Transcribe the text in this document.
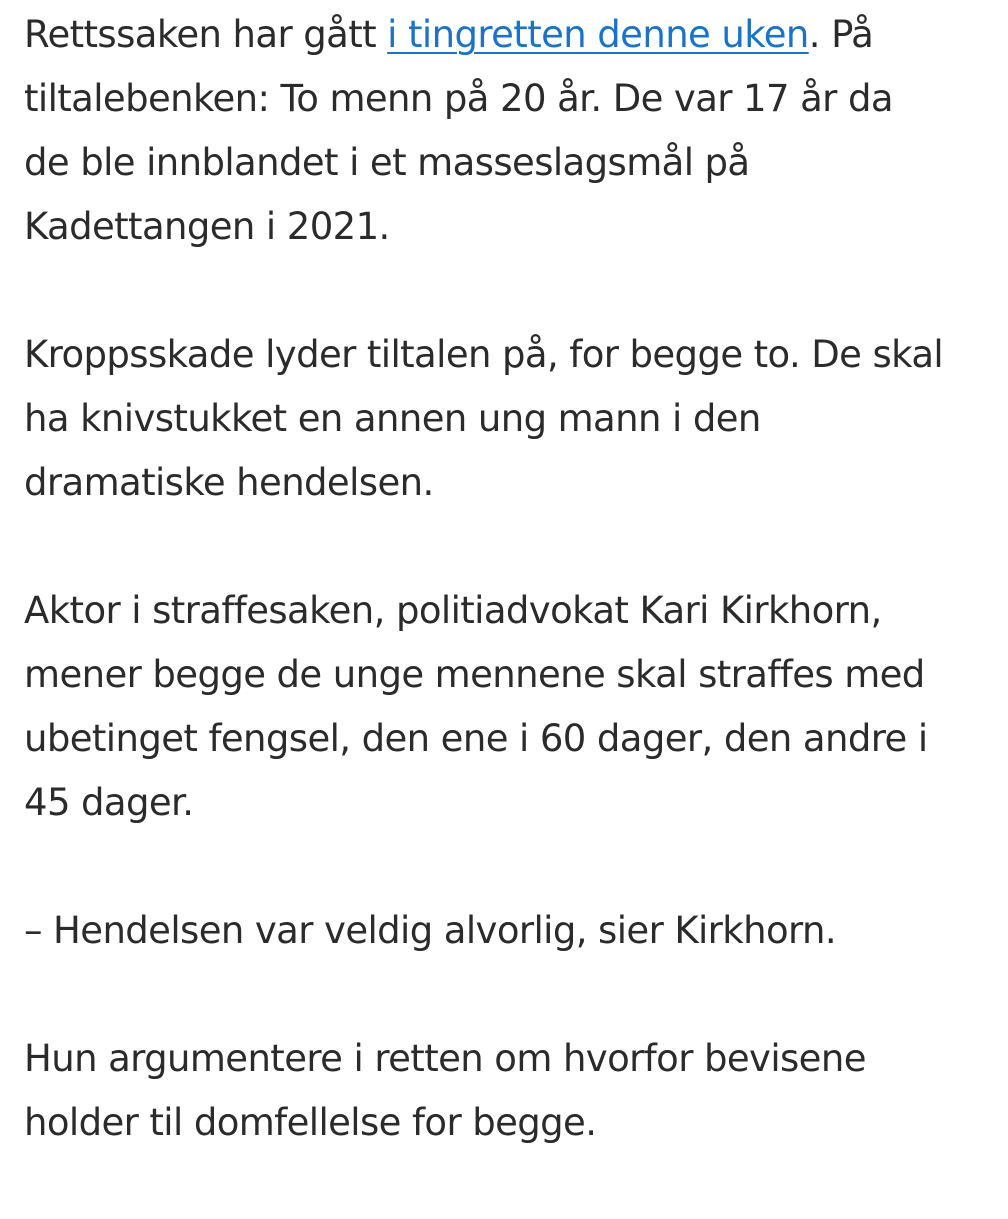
Rettssaken har gått i tingretten denne uken. På
tiltalebenken: To menn på 20 år. De var 17 år da
de ble innblandet i et masseslagsmål på
Kadettangen i 2021.

Kroppsskade lyder tiltalen på, for begge to. De skal
ha knivstukket en annen ung mann i den
dramatiske hendelsen.

Aktor i straffesaken, politiadvokat Kari Kirkhorn,
mener begge de unge mennene skal straffes med
ubetinget fengsel, den ene i 60 dager, den andre i
45 dager.

– Hendelsen var veldig alvorlig, sier Kirkhorn.

Hun argumentere i retten om hvorfor bevisene
holder til domfellelse for begge.
